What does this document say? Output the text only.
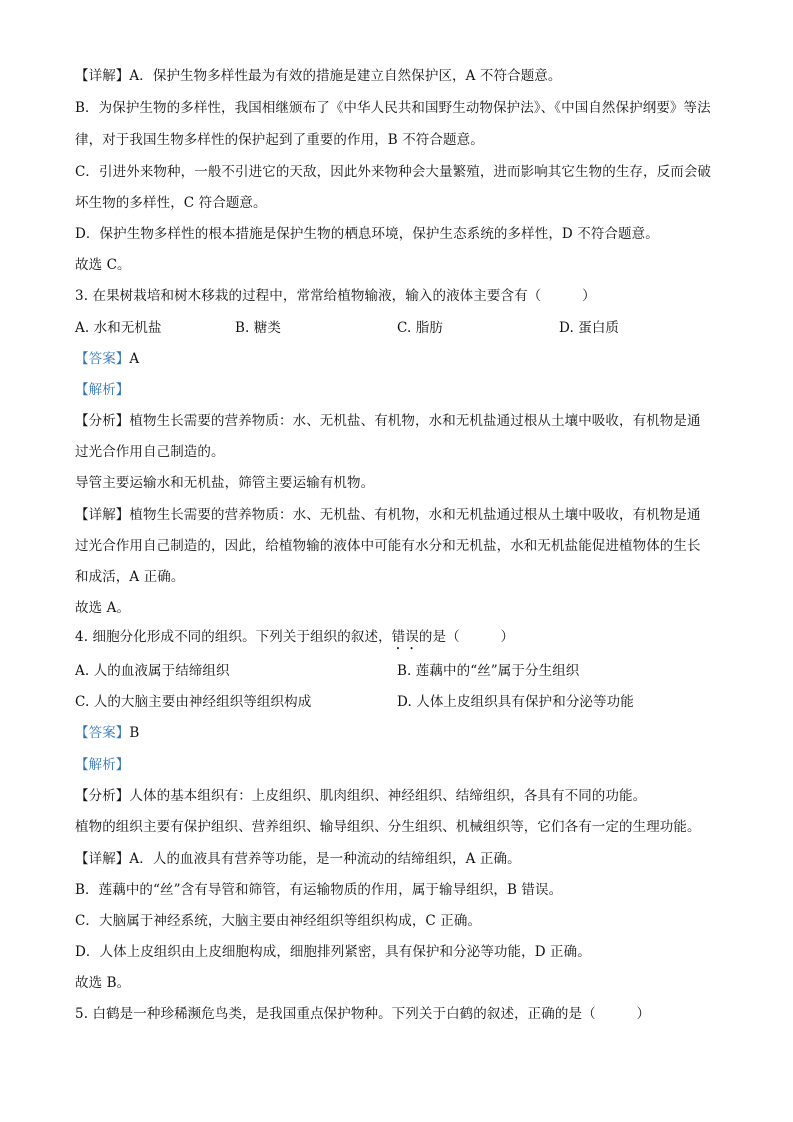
【详解】A．保护生物多样性最为有效的措施是建立自然保护区，A 不符合题意。
B．为保护生物的多样性，我国相继颁布了《中华人民共和国野生动物保护法》、《中国自然保护纲要》等法
律，对于我国生物多样性的保护起到了重要的作用，B 不符合题意。
C．引进外来物种，一般不引进它的天敌，因此外来物种会大量繁殖，进而影响其它生物的生存，反而会破
坏生物的多样性，C 符合题意。
D．保护生物多样性的根本措施是保护生物的栖息环境，保护生态系统的多样性，D 不符合题意。
故选 C。
3. 在果树栽培和树木移栽的过程中，常常给植物输液，输入的液体主要含有（　　　）
A. 水和无机盐	B. 糖类	C. 脂肪	D. 蛋白质
【答案】A
【解析】
【分析】植物生长需要的营养物质：水、无机盐、有机物，水和无机盐通过根从土壤中吸收，有机物是通
过光合作用自己制造的。
导管主要运输水和无机盐，筛管主要运输有机物。
【详解】植物生长需要的营养物质：水、无机盐、有机物，水和无机盐通过根从土壤中吸收，有机物是通
过光合作用自己制造的，因此，给植物输的液体中可能有水分和无机盐，水和无机盐能促进植物体的生长
和成活，A 正确。
故选 A。
4. 细胞分化形成不同的组织。下列关于组织的叙述，错误的是（　　　）
A. 人的血液属于结缔组织	B. 莲藕中的“丝”属于分生组织
C. 人的大脑主要由神经组织等组织构成	D. 人体上皮组织具有保护和分泌等功能
【答案】B
【解析】
【分析】人体的基本组织有：上皮组织、肌肉组织、神经组织、结缔组织，各具有不同的功能。
植物的组织主要有保护组织、营养组织、输导组织、分生组织、机械组织等，它们各有一定的生理功能。
【详解】A．人的血液具有营养等功能，是一种流动的结缔组织，A 正确。
B．莲藕中的“丝”含有导管和筛管，有运输物质的作用，属于输导组织，B 错误。
C．大脑属于神经系统，大脑主要由神经组织等组织构成，C 正确。
D．人体上皮组织由上皮细胞构成，细胞排列紧密，具有保护和分泌等功能，D 正确。
故选 B。
5. 白鹤是一种珍稀濒危鸟类，是我国重点保护物种。下列关于白鹤的叙述，正确的是（　　　）
